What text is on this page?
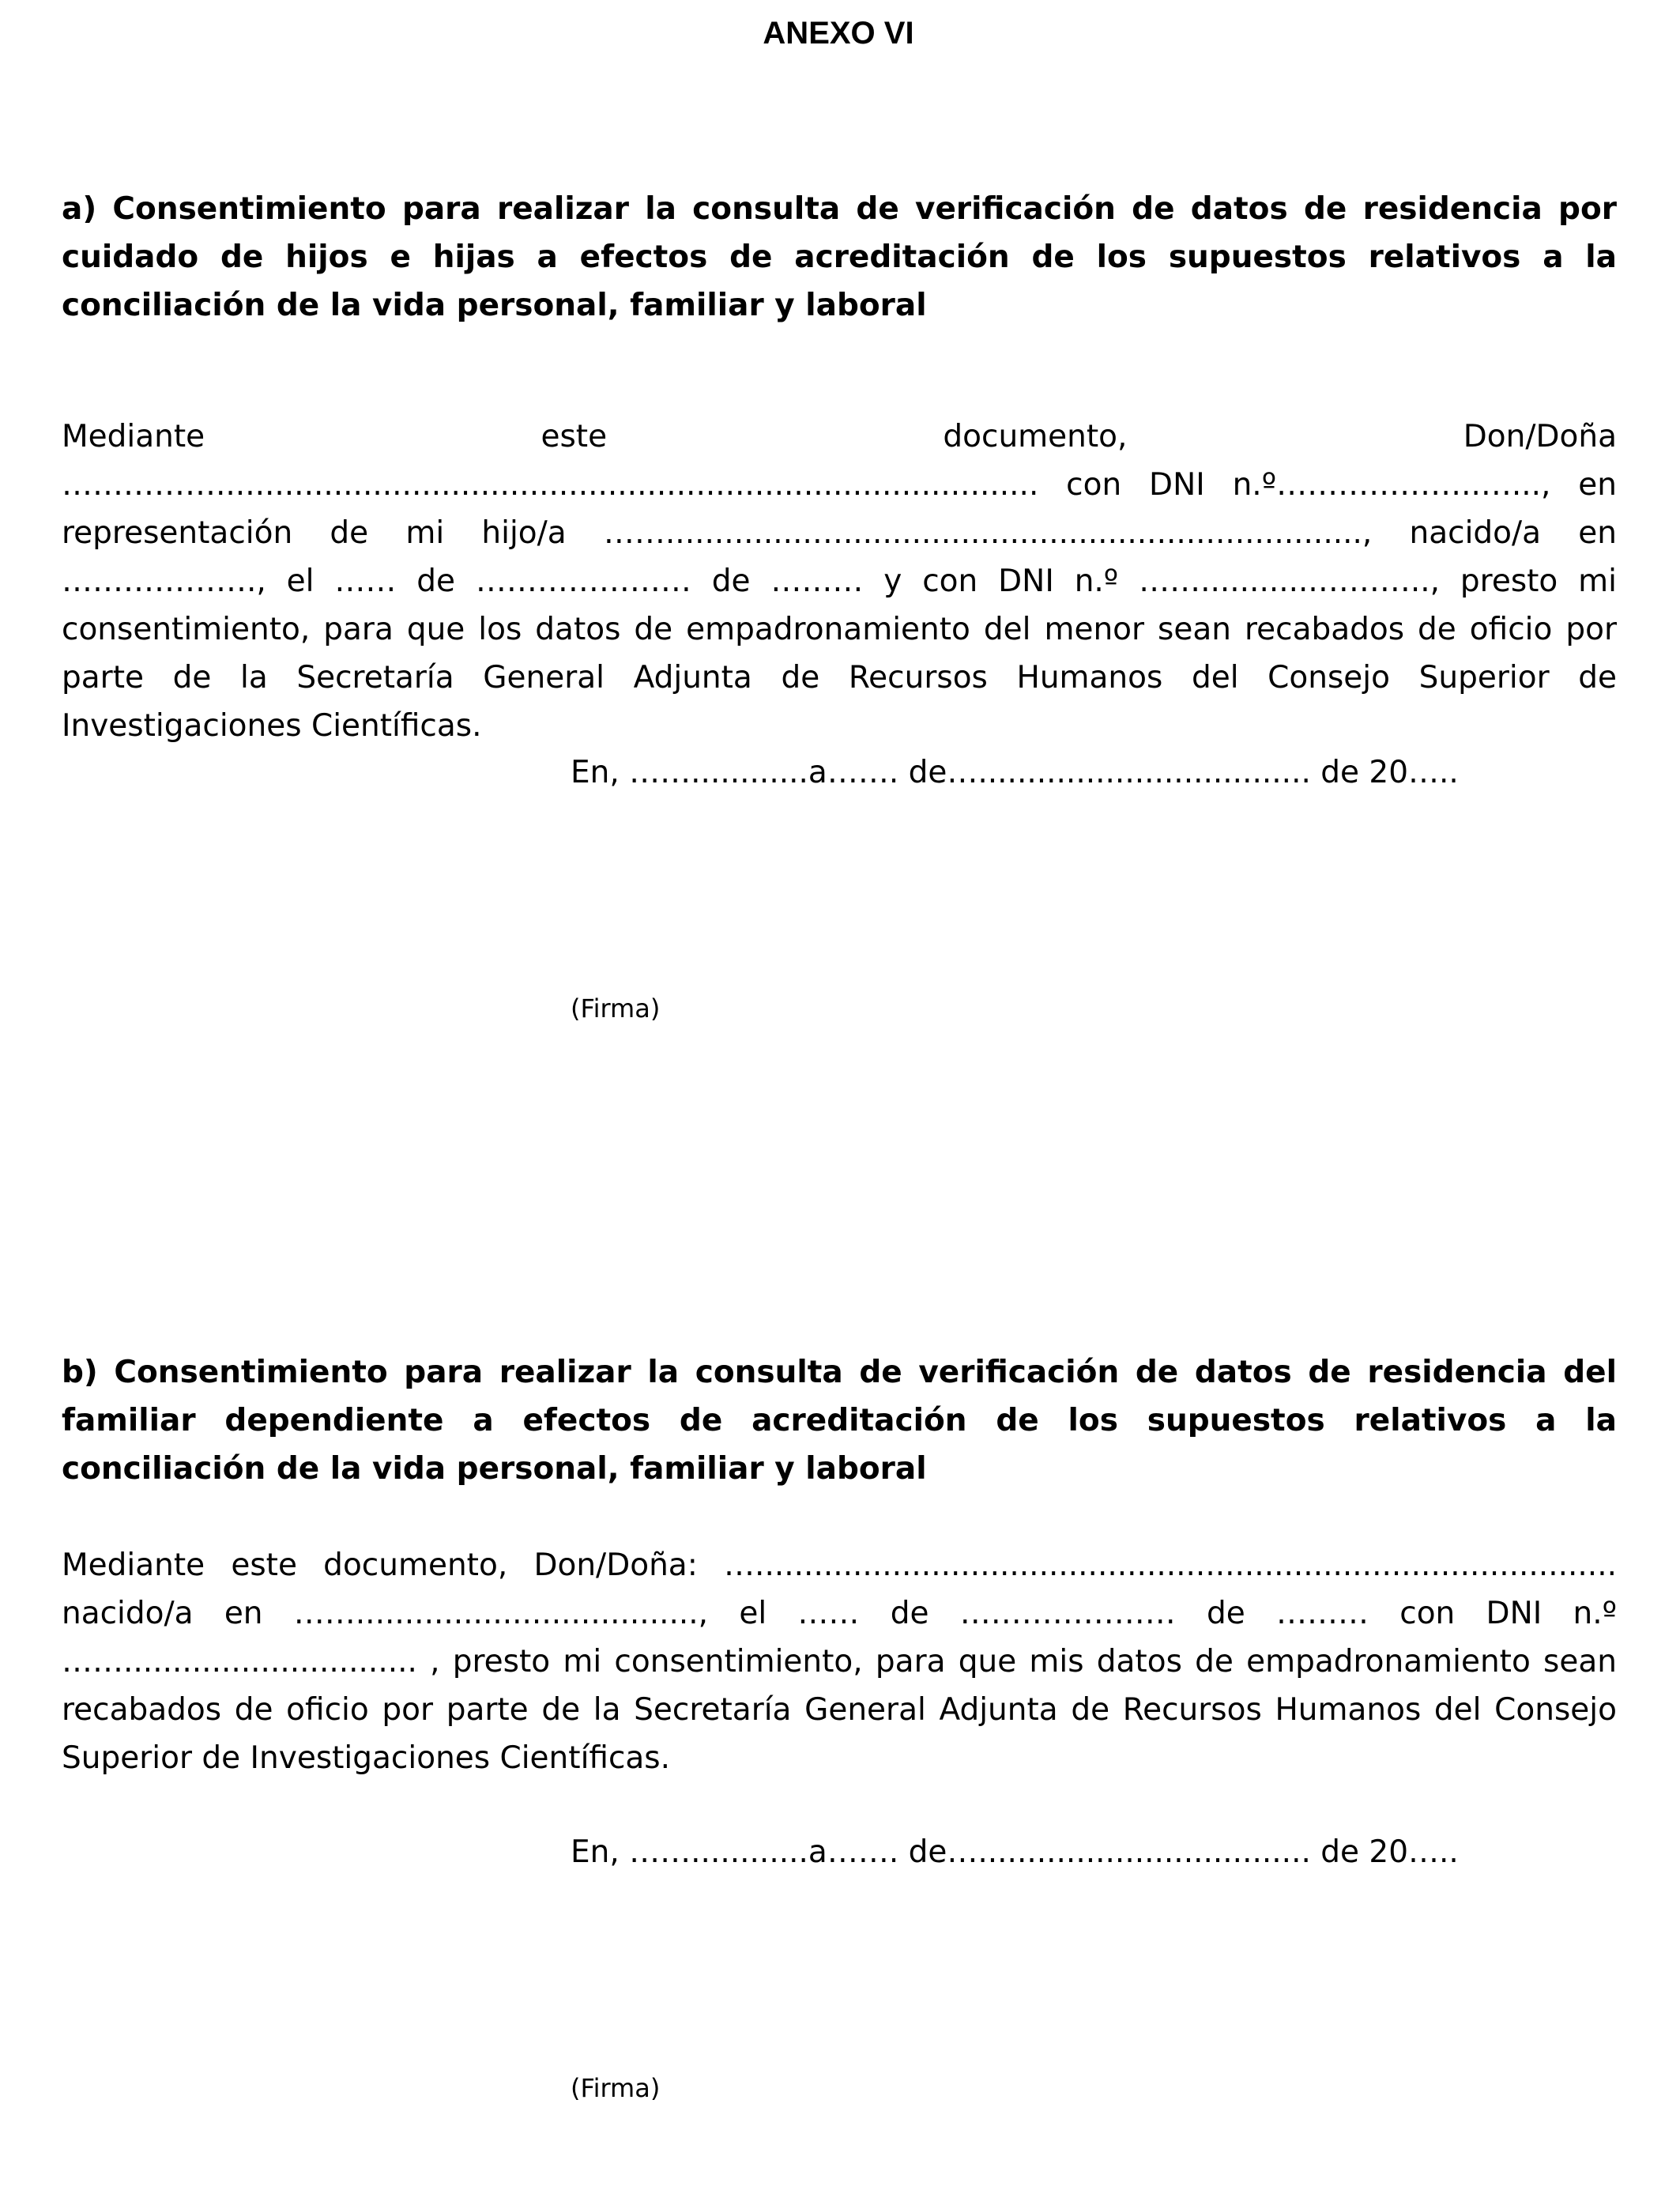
ANEXO VI

a) Consentimiento para realizar la consulta de verificación de datos de residencia por cuidado de hijos e hijas a efectos de acreditación de los supuestos relativos a la conciliación de la vida personal, familiar y laboral

Mediante este documento, Don/Doña …………….................................................................................... con DNI n.º………………..…..., en representación de mi hijo/a ……...............…....................................................., nacido/a en ………………., el …… de ………………… de ……… y con DNI n.º ……............……….., presto mi consentimiento, para que los datos de empadronamiento del menor sean recabados de oficio por parte de la Secretaría General Adjunta de Recursos Humanos del Consejo Superior de Investigaciones Científicas.

En, ……............a……. de….................................. de 20…..

(Firma)

b) Consentimiento para realizar la consulta de verificación de datos de residencia del familiar dependiente a efectos de acreditación de los supuestos relativos a la conciliación de la vida personal, familiar y laboral

Mediante este documento, Don/Doña: …........................................................................................ nacido/a en ……..................................., el …… de ………………… de ……… con DNI n.º …….............................. , presto mi consentimiento, para que mis datos de empadronamiento sean recabados de oficio por parte de la Secretaría General Adjunta de Recursos Humanos del Consejo Superior de Investigaciones Científicas.

En, ……............a……. de….................................. de 20…..

(Firma)
